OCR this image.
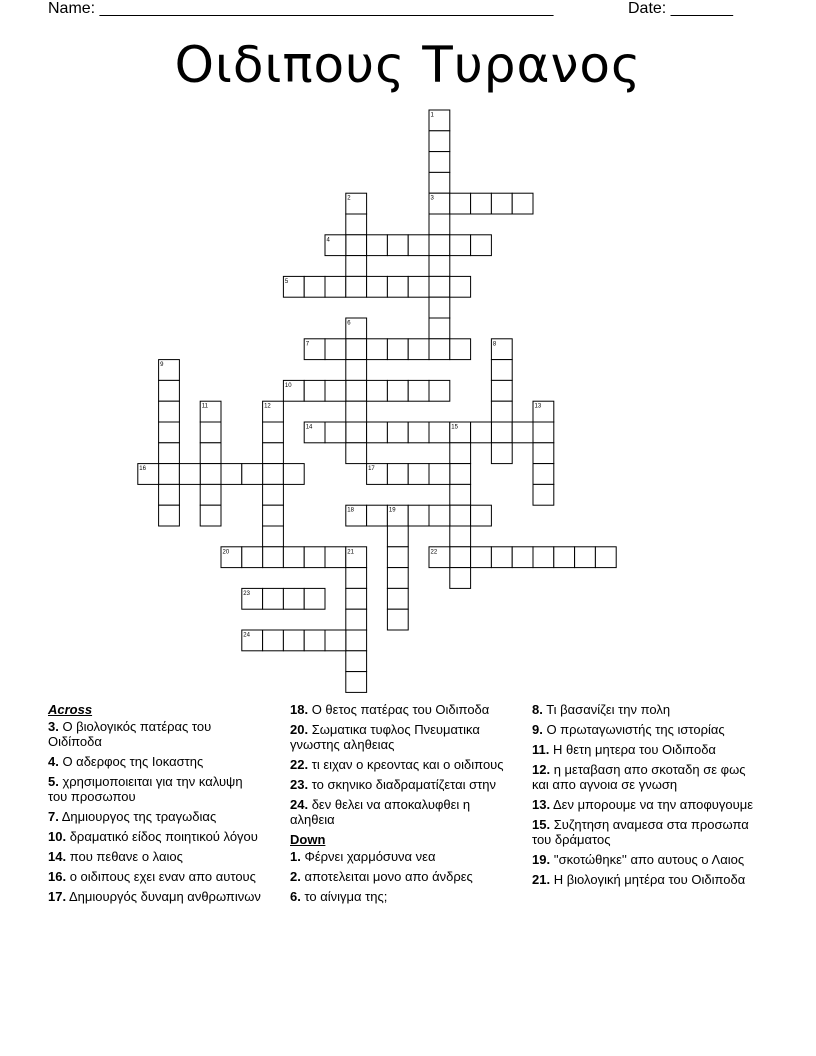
Name: ___________________________________________________	Date: _______
Οιδιπους Τυρανος
1
2	3
4
5
6
7	8
9
10
11	12	13
14	15
16	17
18	19
20	21	22
23
24
Across
3. Ο βιολογικός πατέρας του Οιδίποδα
4. Ο αδερφος της Ιοκαστης
5. χρησιμοποιειται για την καλυψη του προσωπου
7. Δημιουργος της τραγωδιας
10. δραματικό είδος ποιητικού λόγου
14. που πεθανε ο λαιος
16. ο οιδιπους εχει εναν απο αυτους
17. Δημιουργός δυναμη ανθρωπινων
18. Ο θετος πατέρας του Οιδιποδα
20. Σωματικα τυφλος Πνευματικα γνωστης αληθειας
22. τι ειχαν ο κρεοντας και ο οιδιπους
23. το σκηνικο διαδραματίζεται στην
24. δεν θελει να αποκαλυφθει η αληθεια
Down
1. Φέρνει χαρμόσυνα νεα
2. αποτελειται μονο απο άνδρες
6. το αίνιγμα της;
8. Τι βασανίζει την πολη
9. Ο πρωταγωνιστής της ιστορίας
11. Η θετη μητερα του Οιδιποδα
12. η μεταβαση απο σκοταδη σε φως και απο αγνοια σε γνωση
13. Δεν μπορουμε να την αποφυγουμε
15. Συζητηση αναμεσα στα προσωπα του δράματος
19. ''σκοτώθηκε'' απο αυτους ο Λαιος
21. Η βιολογική μητέρα του Οιδιποδα
